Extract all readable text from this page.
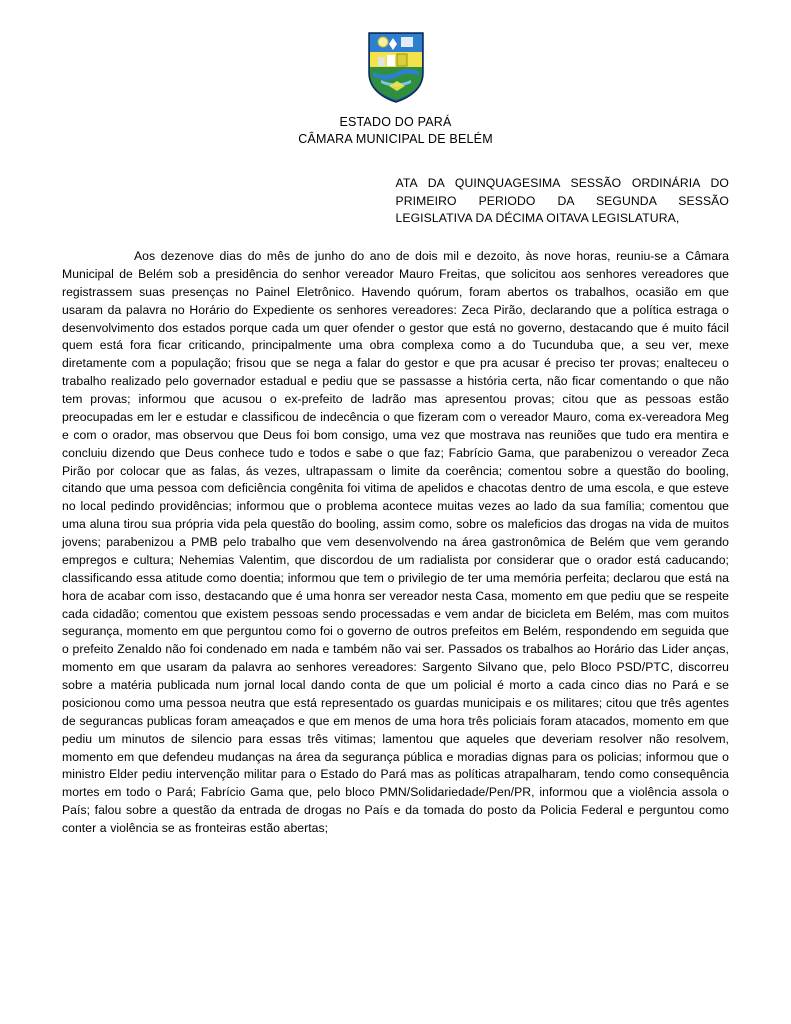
ESTADO DO PARÁ
CÂMARA MUNICIPAL DE BELÉM
ATA DA QUINQUAGESIMA SESSÃO ORDINÁRIA DO PRIMEIRO PERIODO DA SEGUNDA SESSÃO LEGISLATIVA DA DÉCIMA OITAVA LEGISLATURA,

Aos dezenove dias do mês de junho do ano de dois mil e dezoito, às nove horas, reuniu-se a Câmara Municipal de Belém sob a presidência do senhor vereador Mauro Freitas, que solicitou aos senhores vereadores que registrassem suas presenças no Painel Eletrônico. Havendo quórum, foram abertos os trabalhos, ocasião em que usaram da palavra no Horário do Expediente os senhores vereadores: Zeca Pirão, declarando que a política estraga o desenvolvimento dos estados porque cada um quer ofender o gestor que está no governo, destacando que é muito fácil quem está fora ficar criticando, principalmente uma obra complexa como a do Tucunduba que, a seu ver, mexe diretamente com a população; frisou que se nega a falar do gestor e que pra acusar é preciso ter provas; enalteceu o trabalho realizado pelo governador estadual e pediu que se passasse a história certa, não ficar comentando o que não tem provas; informou que acusou o ex-prefeito de ladrão mas apresentou provas; citou que as pessoas estão preocupadas em ler e estudar e classificou de indecência o que fizeram com o vereador Mauro, coma ex-vereadora Meg e com o orador, mas observou que Deus foi bom consigo, uma vez que mostrava nas reuniões que tudo era mentira e concluiu dizendo que Deus conhece tudo e todos e sabe o que faz; Fabrício Gama, que parabenizou o vereador Zeca Pirão por colocar que as falas, ás vezes, ultrapassam o limite da coerência; comentou sobre a questão do booling, citando que uma pessoa com deficiência congênita foi vitima de apelidos e chacotas dentro de uma escola, e que esteve no local pedindo providências; informou que o problema acontece muitas vezes ao lado da sua família; comentou que uma aluna tirou sua própria vida pela questão do booling, assim como, sobre os maleficios das drogas na vida de muitos jovens; parabenizou a PMB pelo trabalho que vem desenvolvendo na área gastronômica de Belém que vem gerando empregos e cultura; Nehemias Valentim, que discordou de um radialista por considerar que o orador está caducando; classificando essa atitude como doentia; informou que tem o privilegio de ter uma memória perfeita; declarou que está na hora de acabar com isso, destacando que é uma honra ser vereador nesta Casa, momento em que pediu que se respeite cada cidadão; comentou que existem pessoas sendo processadas e vem andar de bicicleta em Belém, mas com muitos segurança, momento em que perguntou como foi o governo de outros prefeitos em Belém, respondendo em seguida que o prefeito Zenaldo não foi condenado em nada e também não vai ser. Passados os trabalhos ao Horário das Lider anças, momento em que usaram da palavra ao senhores vereadores: Sargento Silvano que, pelo Bloco PSD/PTC, discorreu sobre a matéria publicada num jornal local dando conta de que um policial é morto a cada cinco dias no Pará e se posicionou como uma pessoa neutra que está representado os guardas municipais e os militares; citou que três agentes de segurancas publicas foram ameaçados e que em menos de uma hora três policiais foram atacados, momento em que pediu um minutos de silencio para essas três vitimas; lamentou que aqueles que deveriam resolver não resolvem, momento em que defendeu mudanças na área da segurança pública e moradias dignas para os policias; informou que o ministro Elder pediu intervenção militar para o Estado do Pará mas as políticas atrapalharam, tendo como consequência mortes em todo o Pará; Fabrício Gama que, pelo bloco PMN/Solidariedade/Pen/PR, informou que a violência assola o País; falou sobre a questão da entrada de drogas no País e da tomada do posto da Policia Federal e perguntou como conter a violência se as fronteiras estão abertas;
